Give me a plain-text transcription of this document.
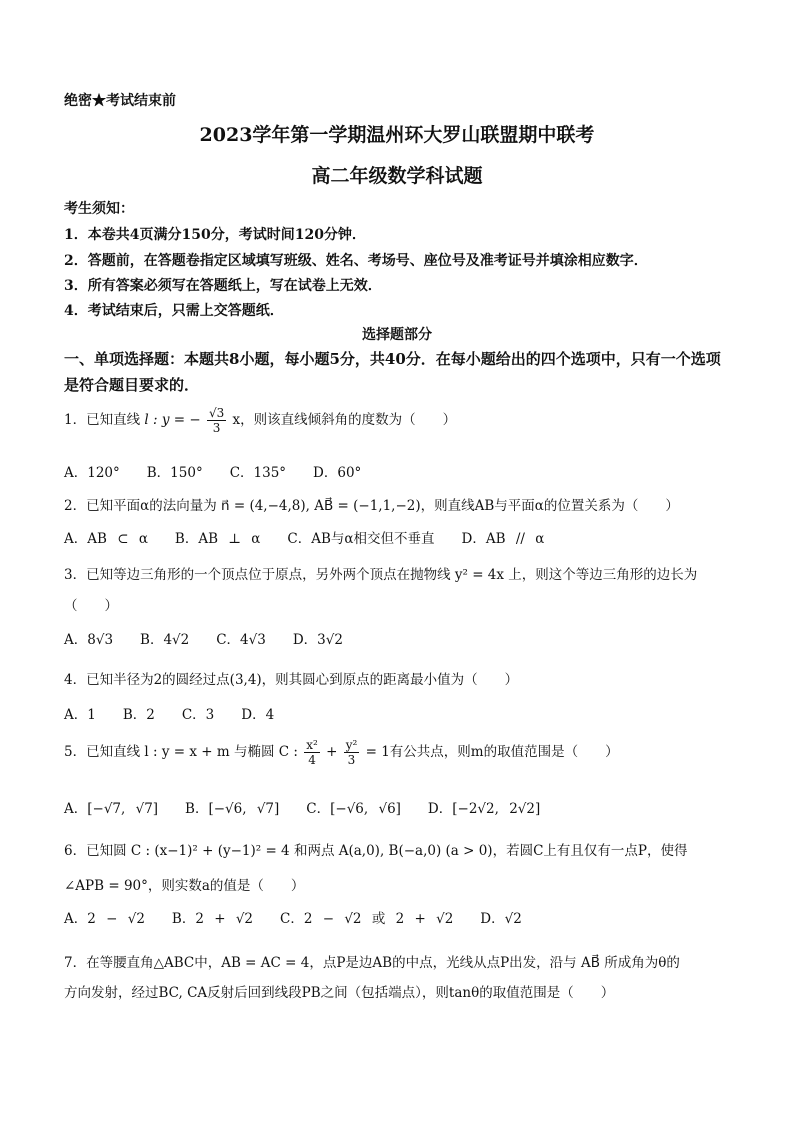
绝密★考试结束前
2023学年第一学期温州环大罗山联盟期中联考
高二年级数学科试题
考生须知：
1．本卷共4页满分150分，考试时间120分钟．
2．答题前，在答题卷指定区域填写班级、姓名、考场号、座位号及准考证号并填涂相应数字．
3．所有答案必须写在答题纸上，写在试卷上无效．
4．考试结束后，只需上交答题纸．
选择题部分
一、单项选择题：本题共8小题，每小题5分，共40分．在每小题给出的四个选项中，只有一个选项是符合题目要求的．
1．已知直线 l : y = − $\frac{√3}{3}$ x，则该直线倾斜角的度数为（　　）
A．120°　　B．150°　　C．135°　　D．60°
2．已知平面α的法向量为 n⃗ = (4,−4,8), AB⃗ = (−1,1,−2)，则直线AB与平面α的位置关系为（　　）
A．AB ⊂ α　　B．AB ⊥ α　　C．AB与α相交但不垂直　　D．AB // α
3．已知等边三角形的一个顶点位于原点，另外两个顶点在抛物线 y² = 4x 上，则这个等边三角形的边长为
（　　）
A．8√3　　B．4√2　　C．4√3　　D．3√2
4．已知半径为2的圆经过点(3,4)，则其圆心到原点的距离最小值为（　　）
A．1　　B．2　　C．3　　D．4
5．已知直线 l : y = x + m 与椭圆 C : $\frac{\text{x²}}{4} + \frac{\text{y²}}{3} = 1$有公共点，则m的取值范围是（　　）
A．[−√7, √7]　　B．[−√6, √7]　　C．[−√6, √6]　　D．[−2√2, 2√2]
6．已知圆 C : (x−1)² + (y−1)² = 4 和两点 A(a,0), B(−a,0) (a > 0)，若圆C上有且仅有一点P，使得
∠APB = 90°，则实数a的值是（　　）
A．2 − √2　　B．2 + √2　　C．2 − √2 或 2 + √2　　D．√2
7．在等腰直角△ABC中，AB = AC = 4，点P是边AB的中点，光线从点P出发，沿与 AB⃗ 所成角为θ的
方向发射，经过BC, CA反射后回到线段PB之间（包括端点），则tanθ的取值范围是（　　）
